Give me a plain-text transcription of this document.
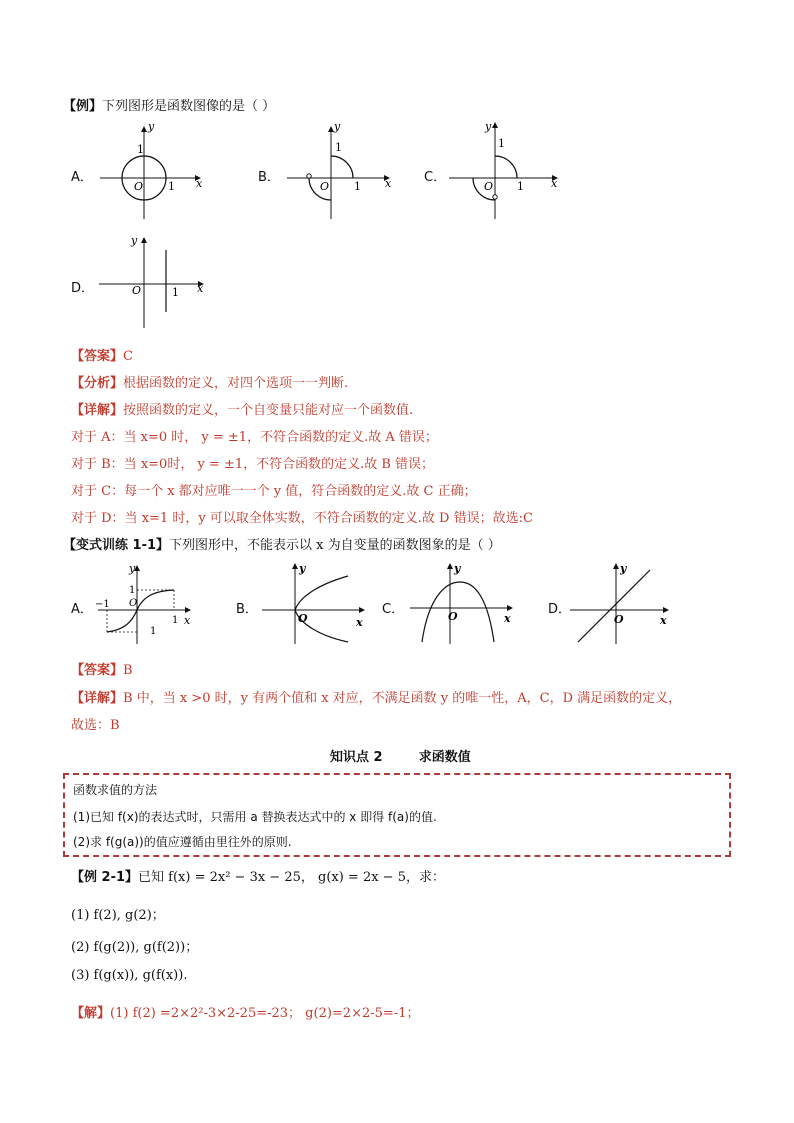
【例】下列图形是函数图像的是（ ）
A．	B．	C．
D．
y
x
O 1
1
y
x
O 1
1
y
x
O 1
1
y
x
O	1
【答案】C
【分析】根据函数的定义，对四个选项一一判断.
【详解】按照函数的定义，一个自变量只能对应一个函数值.
对于 A：当 x=0 时， y = ±1，不符合函数的定义.故 A 错误；
对于 B：当 x=0时， y = ±1，不符合函数的定义.故 B 错误；
对于 C：每一个 x 都对应唯一一个 y 值，符合函数的定义.故 C 正确；
对于 D：当 x=1 时，y 可以取全体实数，不符合函数的定义.故 D 错误；故选:C
【变式训练 1-1】下列图形中，不能表示以 x 为自变量的函数图象的是（ ）
A．	B．	C．	D．
y
x
O
−1
1
1
1
y
x
O
y
x
O
y
x
O
【答案】B
【详解】B 中，当 x >0 时，y 有两个值和 x 对应，不满足函数 y 的唯一性，A，C，D 满足函数的定义，
故选：B
知识点 2        求函数值
函数求值的方法
(1)已知 f(x)的表达式时，只需用 a 替换表达式中的 x 即得 f(a)的值.
(2)求 f(g(a))的值应遵循由里往外的原则.
【例 2-1】已知 f(x) = 2x² − 3x − 25， g(x) = 2x − 5，求：
(1) f(2), g(2)；
(2) f(g(2)), g(f(2))；
(3) f(g(x)), g(f(x)).
【解】(1) f(2) =2×2²-3×2-25=-23； g(2)=2×2-5=-1；
